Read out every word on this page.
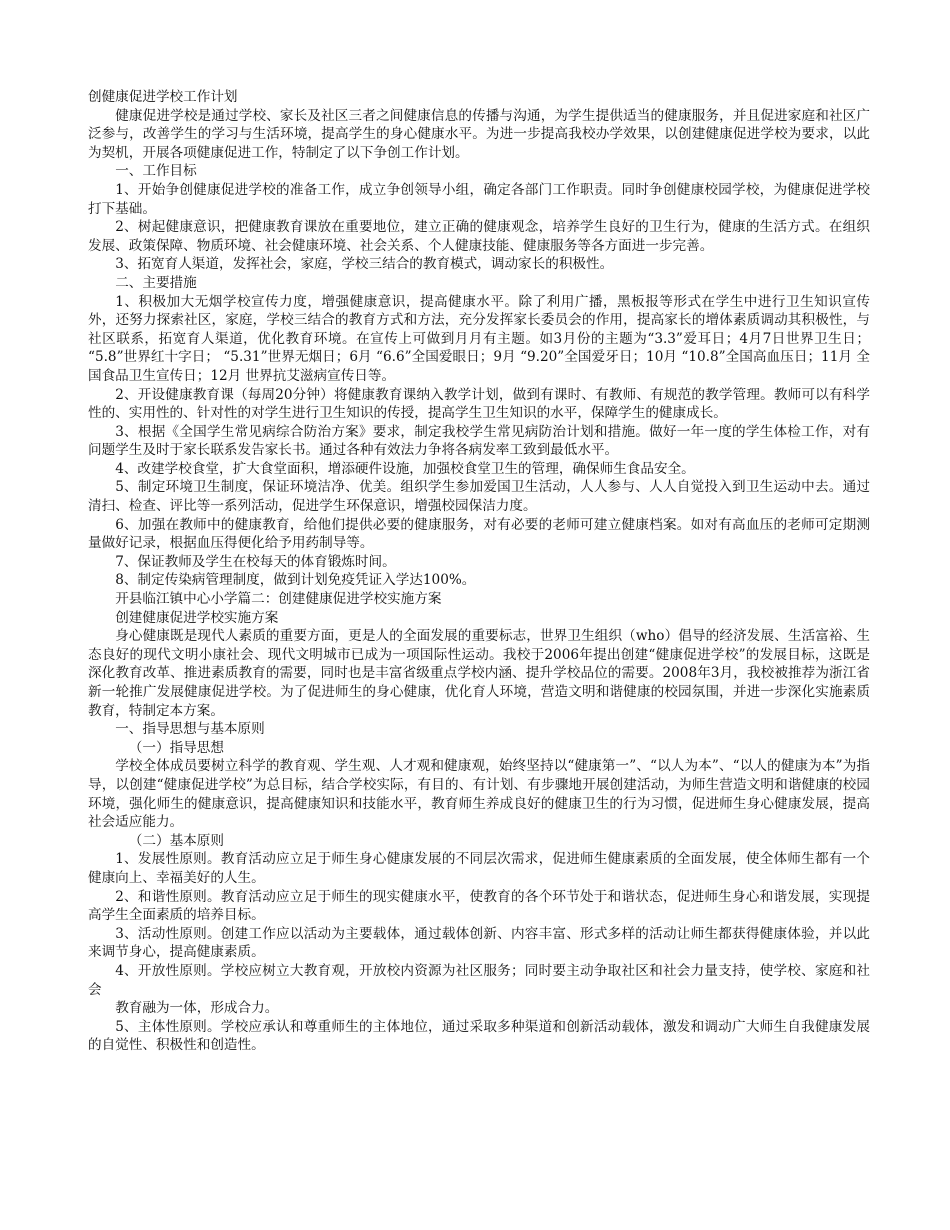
创健康促进学校工作计划

健康促进学校是通过学校、家长及社区三者之间健康信息的传播与沟通，为学生提供适当的健康服务，并且促进家庭和社区广泛参与，改善学生的学习与生活环境，提高学生的身心健康水平。为进一步提高我校办学效果，以创建健康促进学校为要求，以此为契机，开展各项健康促进工作，特制定了以下争创工作计划。

一、工作目标

1、开始争创健康促进学校的准备工作，成立争创领导小组，确定各部门工作职责。同时争创健康校园学校，为健康促进学校打下基础。

2、树起健康意识，把健康教育课放在重要地位，建立正确的健康观念，培养学生良好的卫生行为，健康的生活方式。在组织发展、政策保障、物质环境、社会健康环境、社会关系、个人健康技能、健康服务等各方面进一步完善。

3、拓宽育人渠道，发挥社会，家庭，学校三结合的教育模式，调动家长的积极性。

二、主要措施

1、积极加大无烟学校宣传力度，增强健康意识，提高健康水平。除了利用广播，黑板报等形式在学生中进行卫生知识宣传外，还努力探索社区，家庭，学校三结合的教育方式和方法，充分发挥家长委员会的作用，提高家长的增体素质调动其积极性，与社区联系，拓宽育人渠道，优化教育环境。在宣传上可做到月月有主题。如3月份的主题为“3.3”爱耳日；4月7日世界卫生日； “5.8”世界红十字日； “5.31”世界无烟日；6月 “6.6”全国爱眼日；9月 “9.20”全国爱牙日；10月 “10.8”全国高血压日；11月 全国食品卫生宣传日；12月 世界抗艾滋病宣传日等。

2、开设健康教育课（每周20分钟）将健康教育课纳入教学计划，做到有课时、有教师、有规范的教学管理。教师可以有科学性的、实用性的、针对性的对学生进行卫生知识的传授，提高学生卫生知识的水平，保障学生的健康成长。

3、根据《全国学生常见病综合防治方案》要求，制定我校学生常见病防治计划和措施。做好一年一度的学生体检工作，对有问题学生及时于家长联系发告家长书。通过各种有效法力争将各病发率工致到最低水平。

4、改建学校食堂，扩大食堂面积，增添硬件设施，加强校食堂卫生的管理，确保师生食品安全。

5、制定环境卫生制度，保证环境洁净、优美。组织学生参加爱国卫生活动，人人参与、人人自觉投入到卫生运动中去。通过清扫、检查、评比等一系列活动，促进学生环保意识，增强校园保洁力度。

6、加强在教师中的健康教育，给他们提供必要的健康服务，对有必要的老师可建立健康档案。如对有高血压的老师可定期测量做好记录，根据血压得便化给予用药制导等。

7、保证教师及学生在校每天的体育锻炼时间。

8、制定传染病管理制度，做到计划免疫凭证入学达100%。

开县临江镇中心小学篇二：创建健康促进学校实施方案

创建健康促进学校实施方案

身心健康既是现代人素质的重要方面，更是人的全面发展的重要标志，世界卫生组织（who）倡导的经济发展、生活富裕、生态良好的现代文明小康社会、现代文明城市已成为一项国际性运动。我校于2006年提出创建“健康促进学校”的发展目标，这既是深化教育改革、推进素质教育的需要，同时也是丰富省级重点学校内涵、提升学校品位的需要。2008年3月，我校被推荐为浙江省新一轮推广发展健康促进学校。为了促进师生的身心健康，优化育人环境，营造文明和谐健康的校园氛围，并进一步深化实施素质教育，特制定本方案。

一、指导思想与基本原则

（一）指导思想

学校全体成员要树立科学的教育观、学生观、人才观和健康观，始终坚持以“健康第一”、“以人为本”、“以人的健康为本”为指导，以创建“健康促进学校”为总目标，结合学校实际，有目的、有计划、有步骤地开展创建活动，为师生营造文明和谐健康的校园环境，强化师生的健康意识，提高健康知识和技能水平，教育师生养成良好的健康卫生的行为习惯，促进师生身心健康发展，提高社会适应能力。

（二）基本原则

1、发展性原则。教育活动应立足于师生身心健康发展的不同层次需求，促进师生健康素质的全面发展，使全体师生都有一个健康向上、幸福美好的人生。

2、和谐性原则。教育活动应立足于师生的现实健康水平，使教育的各个环节处于和谐状态，促进师生身心和谐发展，实现提高学生全面素质的培养目标。

3、活动性原则。创建工作应以活动为主要载体，通过载体创新、内容丰富、形式多样的活动让师生都获得健康体验，并以此来调节身心，提高健康素质。

4、开放性原则。学校应树立大教育观，开放校内资源为社区服务；同时要主动争取社区和社会力量支持，使学校、家庭和社会

教育融为一体，形成合力。

5、主体性原则。学校应承认和尊重师生的主体地位，通过采取多种渠道和创新活动载体，激发和调动广大师生自我健康发展的自觉性、积极性和创造性。
